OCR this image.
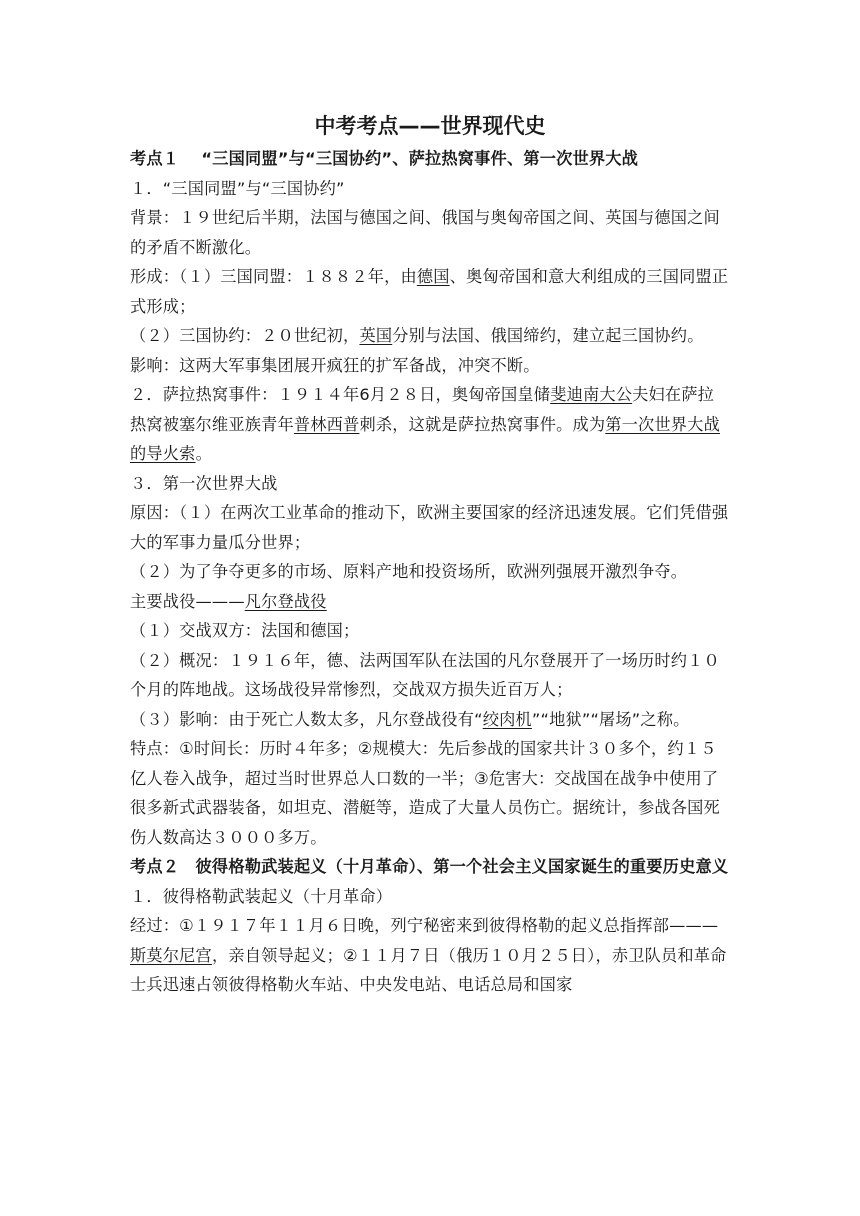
中考考点——世界现代史

考点１　 “三国同盟”与“三国协约”、萨拉热窝事件、第一次世界大战

１．“三国同盟”与“三国协约”

背景：１９世纪后半期，法国与德国之间、俄国与奥匈帝国之间、英国与德国之间的矛盾不断激化。

形成：（１）三国同盟：１８８２年，由德国、奥匈帝国和意大利组成的三国同盟正式形成；

（２）三国协约：２０世纪初，英国分别与法国、俄国缔约，建立起三国协约。

影响：这两大军事集团展开疯狂的扩军备战，冲突不断。

２．萨拉热窝事件：１９１４年6月２８日，奥匈帝国皇储斐迪南大公夫妇在萨拉热窝被塞尔维亚族青年普林西普刺杀，这就是萨拉热窝事件。成为第一次世界大战的导火索。

３．第一次世界大战

原因：（１）在两次工业革命的推动下，欧洲主要国家的经济迅速发展。它们凭借强大的军事力量瓜分世界；

（２）为了争夺更多的市场、原料产地和投资场所，欧洲列强展开激烈争夺。

主要战役———凡尔登战役

（１）交战双方：法国和德国；

（２）概况：１９１６年，德、法两国军队在法国的凡尔登展开了一场历时约１０个月的阵地战。这场战役异常惨烈，交战双方损失近百万人；

（３）影响：由于死亡人数太多，凡尔登战役有“绞肉机”“地狱”“屠场”之称。

特点：①时间长：历时４年多；②规模大：先后参战的国家共计３０多个，约１５亿人卷入战争，超过当时世界总人口数的一半；③危害大：交战国在战争中使用了很多新式武器装备，如坦克、潜艇等，造成了大量人员伤亡。据统计，参战各国死伤人数高达３０００多万。

考点２　彼得格勒武装起义（十月革命）、第一个社会主义国家诞生的重要历史意义

１．彼得格勒武装起义（十月革命）

经过：①１９１７年１１月６日晚，列宁秘密来到彼得格勒的起义总指挥部———斯莫尔尼宫，亲自领导起义；②１１月７日（俄历１０月２５日），赤卫队员和革命士兵迅速占领彼得格勒火车站、中央发电站、电话总局和国家
